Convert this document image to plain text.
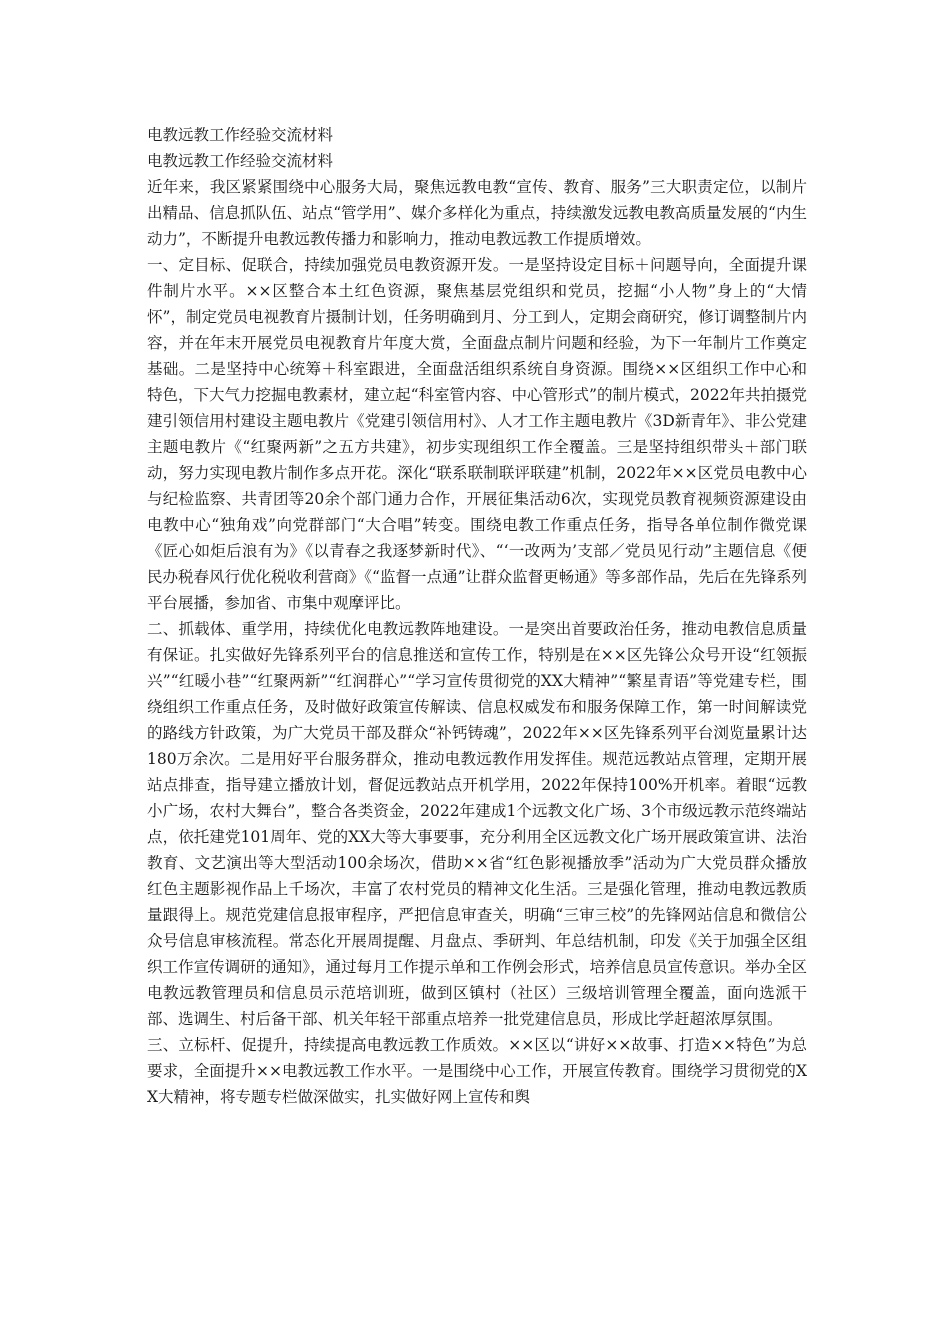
电教远教工作经验交流材料

电教远教工作经验交流材料

近年来，我区紧紧围绕中心服务大局，聚焦远教电教“宣传、教育、服务”三大职责定位，以制片出精品、信息抓队伍、站点“管学用”、媒介多样化为重点，持续激发远教电教高质量发展的“内生动力”，不断提升电教远教传播力和影响力，推动电教远教工作提质增效。

一、定目标、促联合，持续加强党员电教资源开发。一是坚持设定目标＋问题导向，全面提升课件制片水平。××区整合本土红色资源，聚焦基层党组织和党员，挖掘“小人物”身上的“大情怀”，制定党员电视教育片摄制计划，任务明确到月、分工到人，定期会商研究，修订调整制片内容，并在年末开展党员电视教育片年度大赏，全面盘点制片问题和经验，为下一年制片工作奠定基础。二是坚持中心统筹＋科室跟进，全面盘活组织系统自身资源。围绕××区组织工作中心和特色，下大气力挖掘电教素材，建立起“科室管内容、中心管形式”的制片模式，2022年共拍摄党建引领信用村建设主题电教片《党建引领信用村》、人才工作主题电教片《3D新青年》、非公党建主题电教片《“红聚两新”之五方共建》，初步实现组织工作全覆盖。三是坚持组织带头＋部门联动，努力实现电教片制作多点开花。深化“联系联制联评联建”机制，2022年××区党员电教中心与纪检监察、共青团等20余个部门通力合作，开展征集活动6次，实现党员教育视频资源建设由电教中心“独角戏”向党群部门“大合唱”转变。围绕电教工作重点任务，指导各单位制作微党课《匠心如炬后浪有为》《以青春之我逐梦新时代》、“‘一改两为’支部／党员见行动”主题信息《便民办税春风行优化税收利营商》《“监督一点通”让群众监督更畅通》等多部作品，先后在先锋系列平台展播，参加省、市集中观摩评比。

二、抓载体、重学用，持续优化电教远教阵地建设。一是突出首要政治任务，推动电教信息质量有保证。扎实做好先锋系列平台的信息推送和宣传工作，特别是在××区先锋公众号开设“红领振兴”“红暖小巷”“红聚两新”“红润群心”“学习宣传贯彻党的XX大精神”“繁星青语”等党建专栏，围绕组织工作重点任务，及时做好政策宣传解读、信息权威发布和服务保障工作，第一时间解读党的路线方针政策，为广大党员干部及群众“补钙铸魂”，2022年××区先锋系列平台浏览量累计达180万余次。二是用好平台服务群众，推动电教远教作用发挥佳。规范远教站点管理，定期开展站点排查，指导建立播放计划，督促远教站点开机学用，2022年保持100%开机率。着眼“远教小广场，农村大舞台”，整合各类资金，2022年建成1个远教文化广场、3个市级远教示范终端站点，依托建党101周年、党的XX大等大事要事，充分利用全区远教文化广场开展政策宣讲、法治教育、文艺演出等大型活动100余场次，借助××省“红色影视播放季”活动为广大党员群众播放红色主题影视作品上千场次，丰富了农村党员的精神文化生活。三是强化管理，推动电教远教质量跟得上。规范党建信息报审程序，严把信息审查关，明确“三审三校”的先锋网站信息和微信公众号信息审核流程。常态化开展周提醒、月盘点、季研判、年总结机制，印发《关于加强全区组织工作宣传调研的通知》，通过每月工作提示单和工作例会形式，培养信息员宣传意识。举办全区电教远教管理员和信息员示范培训班，做到区镇村（社区）三级培训管理全覆盖，面向选派干部、选调生、村后备干部、机关年轻干部重点培养一批党建信息员，形成比学赶超浓厚氛围。

三、立标杆、促提升，持续提高电教远教工作质效。××区以“讲好××故事、打造××特色”为总要求，全面提升××电教远教工作水平。一是围绕中心工作，开展宣传教育。围绕学习贯彻党的XX大精神，将专题专栏做深做实，扎实做好网上宣传和舆
